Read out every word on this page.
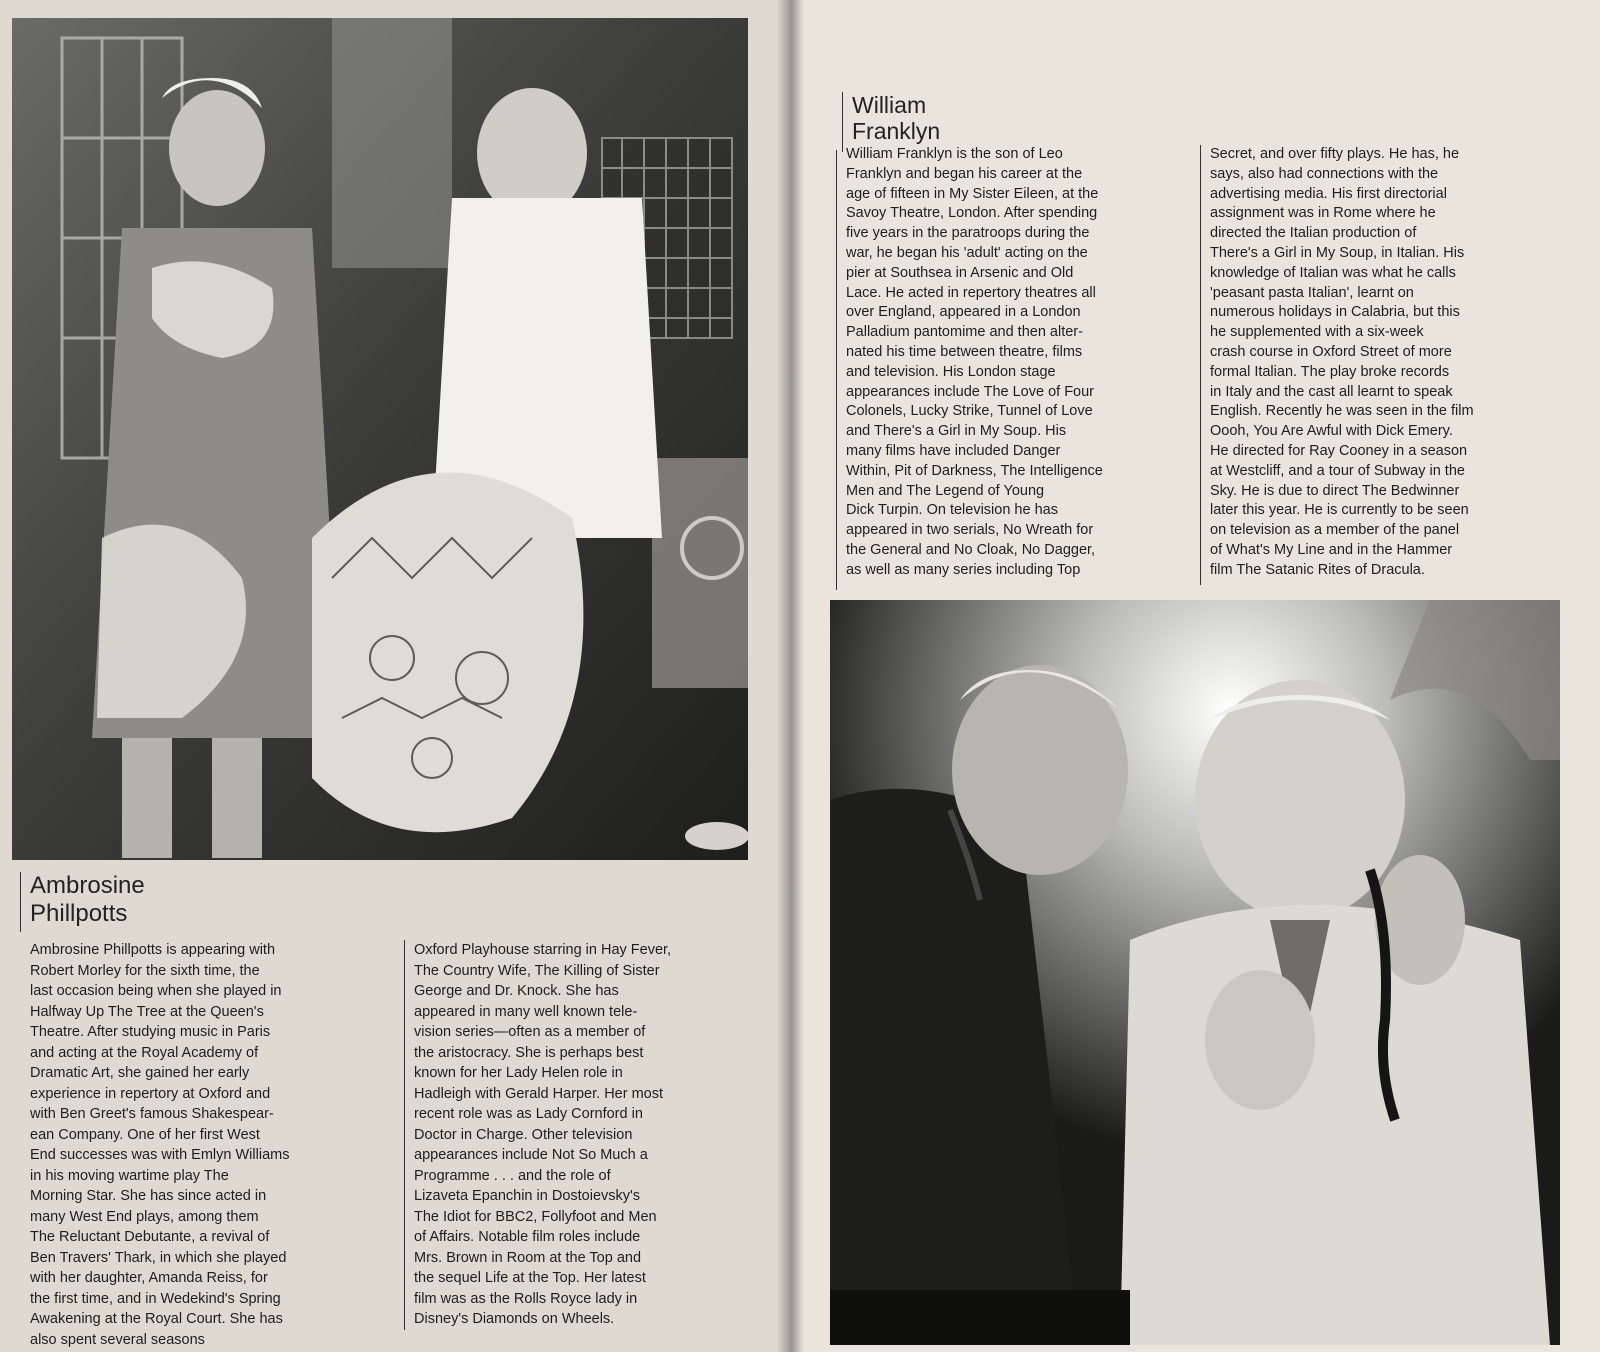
Ambrosine
Phillpotts
Ambrosine Phillpotts is appearing with
Robert Morley for the sixth time, the
last occasion being when she played in
Halfway Up The Tree at the Queen's
Theatre. After studying music in Paris
and acting at the Royal Academy of
Dramatic Art, she gained her early
experience in repertory at Oxford and
with Ben Greet's famous Shakespear-
ean Company. One of her first West
End successes was with Emlyn Williams
in his moving wartime play The
Morning Star. She has since acted in
many West End plays, among them
The Reluctant Debutante, a revival of
Ben Travers' Thark, in which she played
with her daughter, Amanda Reiss, for
the first time, and in Wedekind's Spring
Awakening at the Royal Court. She has
also spent several seasons
Oxford Playhouse starring in Hay Fever,
The Country Wife, The Killing of Sister
George and Dr. Knock. She has
appeared in many well known tele-
vision series—often as a member of
the aristocracy. She is perhaps best
known for her Lady Helen role in
Hadleigh with Gerald Harper. Her most
recent role was as Lady Cornford in
Doctor in Charge. Other television
appearances include Not So Much a
Programme . . . and the role of
Lizaveta Epanchin in Dostoievsky's
The Idiot for BBC2, Follyfoot and Men
of Affairs. Notable film roles include
Mrs. Brown in Room at the Top and
the sequel Life at the Top. Her latest
film was as the Rolls Royce lady in
Disney's Diamonds on Wheels.
William
Franklyn
William Franklyn is the son of Leo
Franklyn and began his career at the
age of fifteen in My Sister Eileen, at the
Savoy Theatre, London. After spending
five years in the paratroops during the
war, he began his 'adult' acting on the
pier at Southsea in Arsenic and Old
Lace. He acted in repertory theatres all
over England, appeared in a London
Palladium pantomime and then alter-
nated his time between theatre, films
and television. His London stage
appearances include The Love of Four
Colonels, Lucky Strike, Tunnel of Love
and There's a Girl in My Soup. His
many films have included Danger
Within, Pit of Darkness, The Intelligence
Men and The Legend of Young
Dick Turpin. On television he has
appeared in two serials, No Wreath for
the General and No Cloak, No Dagger,
as well as many series including Top
Secret, and over fifty plays. He has, he
says, also had connections with the
advertising media. His first directorial
assignment was in Rome where he
directed the Italian production of
There's a Girl in My Soup, in Italian. His
knowledge of Italian was what he calls
'peasant pasta Italian', learnt on
numerous holidays in Calabria, but this
he supplemented with a six-week
crash course in Oxford Street of more
formal Italian. The play broke records
in Italy and the cast all learnt to speak
English. Recently he was seen in the film
Oooh, You Are Awful with Dick Emery.
He directed for Ray Cooney in a season
at Westcliff, and a tour of Subway in the
Sky. He is due to direct The Bedwinner
later this year. He is currently to be seen
on television as a member of the panel
of What's My Line and in the Hammer
film The Satanic Rites of Dracula.
